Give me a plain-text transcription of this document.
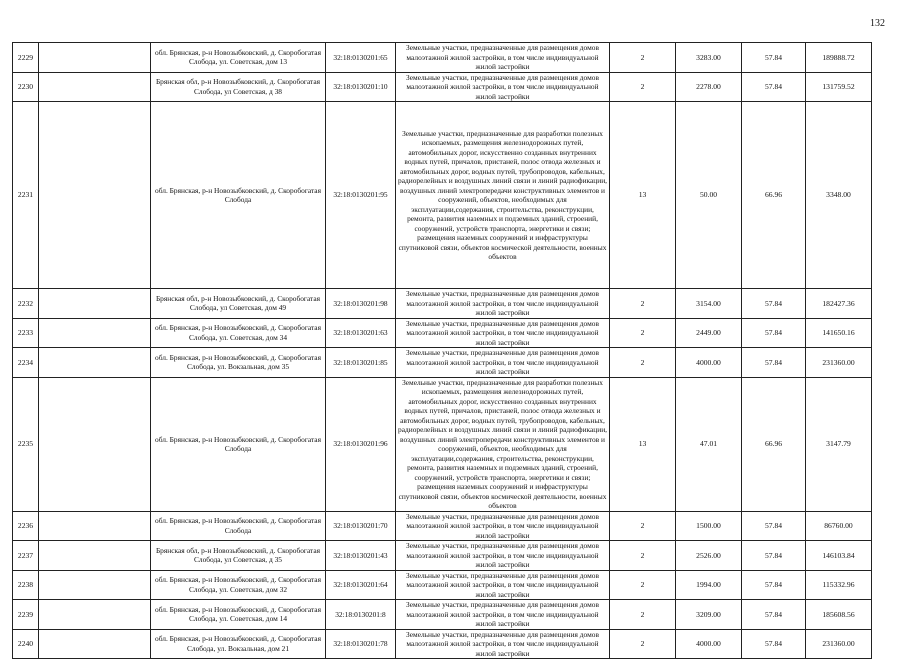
132
2229		обл. Брянская, р-н Новозыбковский, д. Скоробогатая Слобода, ул. Советская, дом 13	32:18:0130201:65	Земельные участки, предназначенные для размещения домов малоэтажной жилой застройки, в том числе индивидуальной жилой застройки	2	3283.00	57.84	189888.72
2230		Брянская обл, р-н Новозыбковский, д. Скоробогатая Слобода, ул Советская, д 38	32:18:0130201:10	Земельные участки, предназначенные для размещения домов малоэтажной жилой застройки, в том числе индивидуальной жилой застройки	2	2278.00	57.84	131759.52
2231		обл. Брянская, р-н Новозыбковский, д. Скоробогатая Слобода	32:18:0130201:95	Земельные участки, предназначенные для разработки полезных ископаемых, размещения железнодорожных путей, автомобильных дорог, искусственно созданных внутренних водных путей, причалов, пристаней, полос отвода железных и автомобильных дорог, водных путей, трубопроводов, кабельных, радиорелейных и воздушных линий связи и линий радиофикации, воздушных линий электропередачи конструктивных элементов и сооружений, объектов, необходимых для эксплуатации,содержания, строительства, реконструкции, ремонта, развития наземных и подземных зданий, строений, сооружений, устройств транспорта, энергетики и связи; размещения наземных сооружений и инфраструктуры спутниковой связи, объектов космической деятельности, военных объектов	13	50.00	66.96	3348.00
2232		Брянская обл, р-н Новозыбковский, д. Скоробогатая Слобода, ул Советская, дом 49	32:18:0130201:98	Земельные участки, предназначенные для размещения домов малоэтажной жилой застройки, в том числе индивидуальной жилой застройки	2	3154.00	57.84	182427.36
2233		обл. Брянская, р-н Новозыбковский, д. Скоробогатая Слобода, ул. Советская, дом 34	32:18:0130201:63	Земельные участки, предназначенные для размещения домов малоэтажной жилой застройки, в том числе индивидуальной жилой застройки	2	2449.00	57.84	141650.16
2234		обл. Брянская, р-н Новозыбковский, д. Скоробогатая Слобода, ул. Вокзальная, дом 35	32:18:0130201:85	Земельные участки, предназначенные для размещения домов малоэтажной жилой застройки, в том числе индивидуальной жилой застройки	2	4000.00	57.84	231360.00
2235		обл. Брянская, р-н Новозыбковский, д. Скоробогатая Слобода	32:18:0130201:96	Земельные участки, предназначенные для разработки полезных ископаемых, размещения железнодорожных путей, автомобильных дорог, искусственно созданных внутренних водных путей, причалов, пристаней, полос отвода железных и автомобильных дорог, водных путей, трубопроводов, кабельных, радиорелейных и воздушных линий связи и линий радиофикации, воздушных линий электропередачи конструктивных элементов и сооружений, объектов, необходимых для эксплуатации,содержания, строительства, реконструкции, ремонта, развития наземных и подземных зданий, строений, сооружений, устройств транспорта, энергетики и связи; размещения наземных сооружений и инфраструктуры спутниковой связи, объектов космической деятельности, военных объектов	13	47.01	66.96	3147.79
2236		обл. Брянская, р-н Новозыбковский, д. Скоробогатая Слобода	32:18:0130201:70	Земельные участки, предназначенные для размещения домов малоэтажной жилой застройки, в том числе индивидуальной жилой застройки	2	1500.00	57.84	86760.00
2237		Брянская обл, р-н Новозыбковский, д. Скоробогатая Слобода, ул Советская, д 35	32:18:0130201:43	Земельные участки, предназначенные для размещения домов малоэтажной жилой застройки, в том числе индивидуальной жилой застройки	2	2526.00	57.84	146103.84
2238		обл. Брянская, р-н Новозыбковский, д. Скоробогатая Слобода, ул. Советская, дом 32	32:18:0130201:64	Земельные участки, предназначенные для размещения домов малоэтажной жилой застройки, в том числе индивидуальной жилой застройки	2	1994.00	57.84	115332.96
2239		обл. Брянская, р-н Новозыбковский, д. Скоробогатая Слобода, ул. Советская, дом 14	32:18:0130201:8	Земельные участки, предназначенные для размещения домов малоэтажной жилой застройки, в том числе индивидуальной жилой застройки	2	3209.00	57.84	185608.56
2240		обл. Брянская, р-н Новозыбковский, д. Скоробогатая Слобода, ул. Вокзальная, дом 21	32:18:0130201:78	Земельные участки, предназначенные для размещения домов малоэтажной жилой застройки, в том числе индивидуальной жилой застройки	2	4000.00	57.84	231360.00
